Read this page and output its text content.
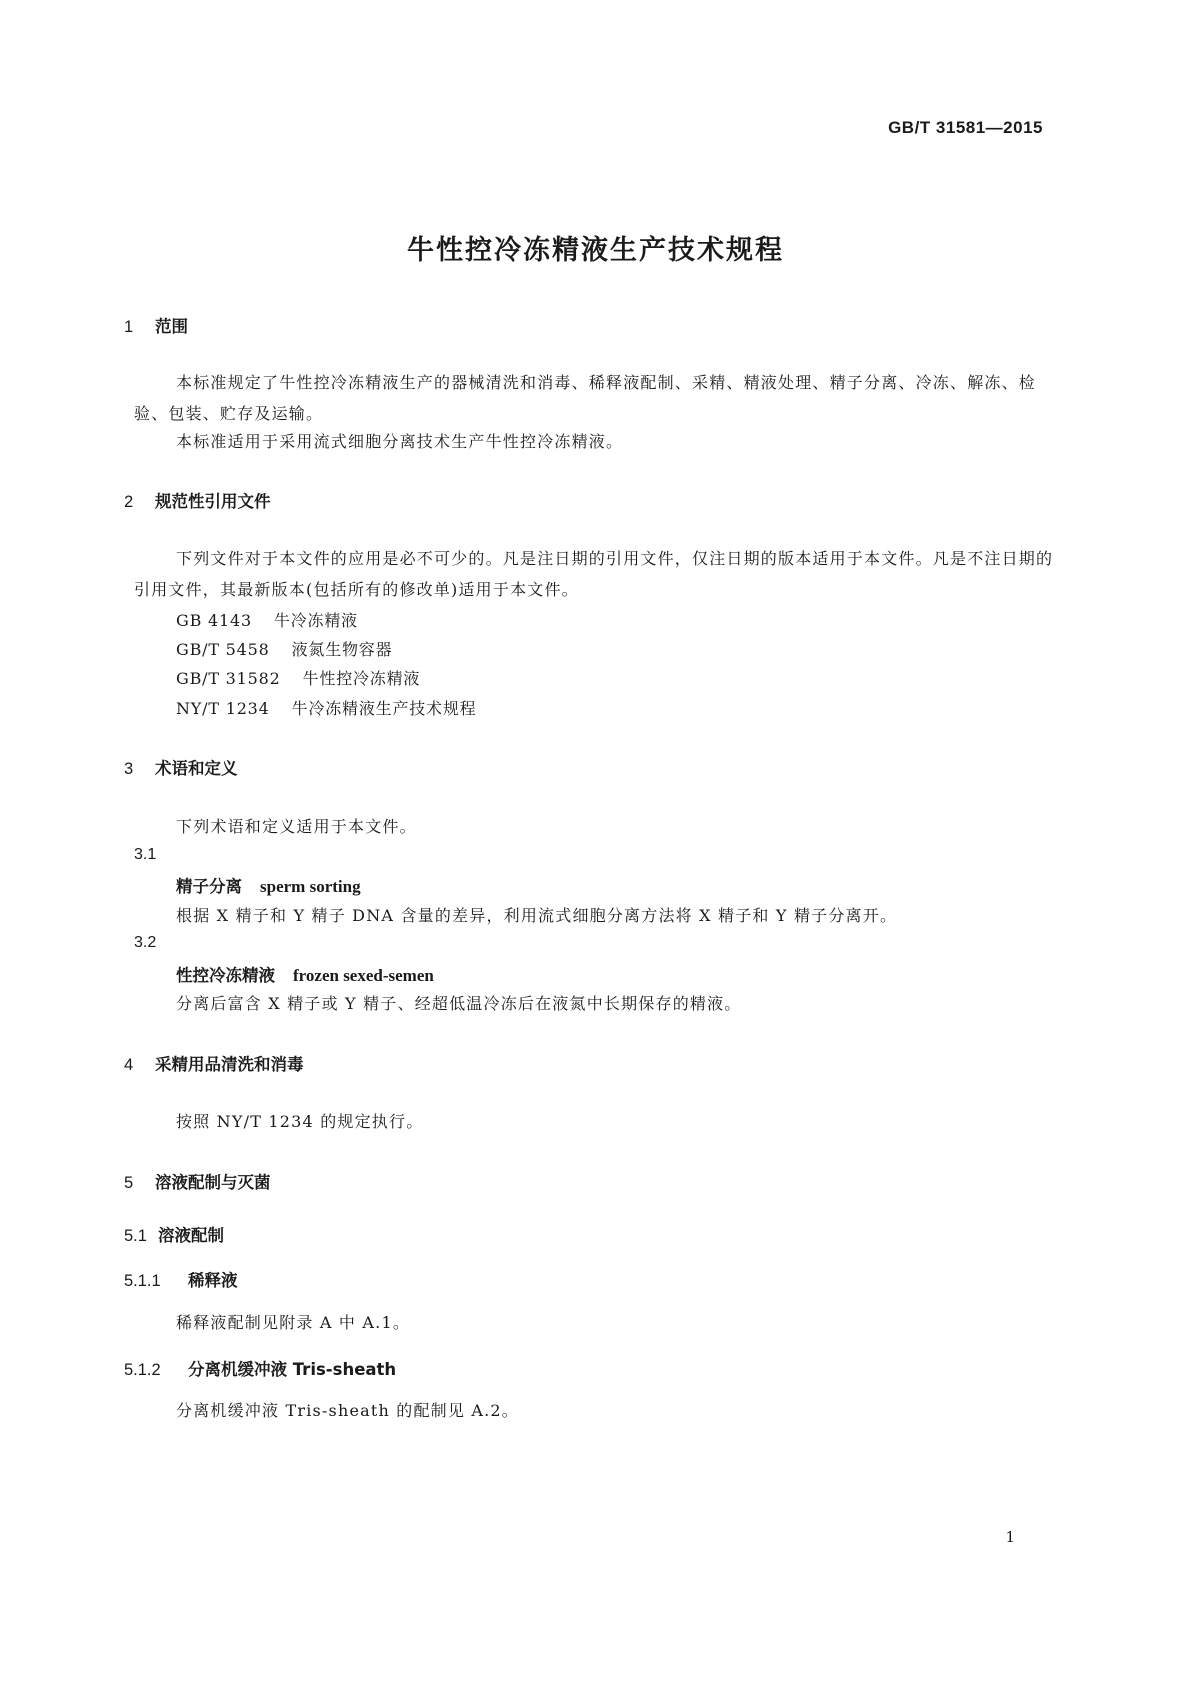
GB/T 31581—2015
牛性控冷冻精液生产技术规程
1	范围
本标准规定了牛性控冷冻精液生产的器械清洗和消毒、稀释液配制、采精、精液处理、精子分离、冷冻、解冻、检验、包装、贮存及运输。
本标准适用于采用流式细胞分离技术生产牛性控冷冻精液。
2	规范性引用文件
下列文件对于本文件的应用是必不可少的。凡是注日期的引用文件，仅注日期的版本适用于本文件。凡是不注日期的引用文件，其最新版本(包括所有的修改单)适用于本文件。
GB 4143 牛冷冻精液
GB/T 5458 液氮生物容器
GB/T 31582 牛性控冷冻精液
NY/T 1234 牛冷冻精液生产技术规程
3	术语和定义
下列术语和定义适用于本文件。
3.1
精子分离 sperm sorting
根据 X 精子和 Y 精子 DNA 含量的差异，利用流式细胞分离方法将 X 精子和 Y 精子分离开。
3.2
性控冷冻精液 frozen sexed-semen
分离后富含 X 精子或 Y 精子、经超低温冷冻后在液氮中长期保存的精液。
4	采精用品清洗和消毒
按照 NY/T 1234 的规定执行。
5	溶液配制与灭菌
5.1 溶液配制
5.1.1	稀释液
稀释液配制见附录 A 中 A.1。
5.1.2	分离机缓冲液 Tris-sheath
分离机缓冲液 Tris-sheath 的配制见 A.2。
1
